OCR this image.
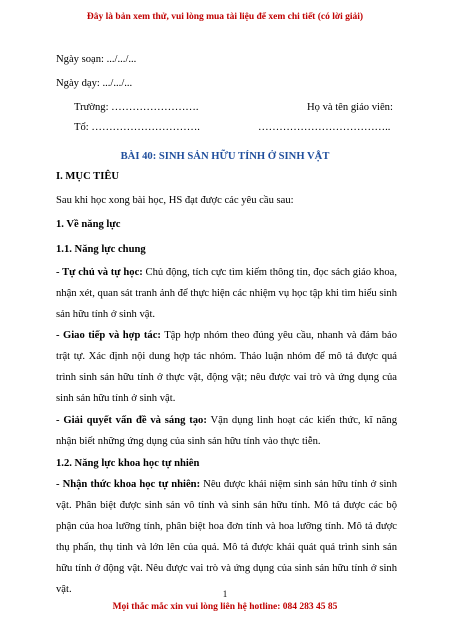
Đây là bản xem thử, vui lòng mua tài liệu để xem chi tiết (có lời giải)
Ngày soạn: .../.../...
Ngày dạy: .../.../...
Trường: …………………….	Họ và tên giáo viên:
Tổ: ………………………….	………………………………..
BÀI 40: SINH SẢN HỮU TÍNH Ở SINH VẬT
I. MỤC TIÊU
Sau khi học xong bài học, HS đạt được các yêu cầu sau:
1. Về năng lực
1.1. Năng lực chung
- Tự chủ và tự học: Chủ động, tích cực tìm kiếm thông tin, đọc sách giáo khoa, nhận xét, quan sát tranh ảnh để thực hiện các nhiệm vụ học tập khi tìm hiểu sinh sản hữu tính ở sinh vật.
- Giao tiếp và hợp tác: Tập hợp nhóm theo đúng yêu cầu, nhanh và đảm bảo trật tự. Xác định nội dung hợp tác nhóm. Thảo luận nhóm để mô tả được quá trình sinh sản hữu tính ở thực vật, động vật; nêu được vai trò và ứng dụng của sinh sản hữu tính ở sinh vật.
- Giải quyết vấn đề và sáng tạo: Vận dụng linh hoạt các kiến thức, kĩ năng nhận biết những ứng dụng của sinh sản hữu tính vào thực tiễn.
1.2. Năng lực khoa học tự nhiên
- Nhận thức khoa học tự nhiên: Nêu được khái niệm sinh sản hữu tính ở sinh vật. Phân biệt được sinh sản vô tính và sinh sản hữu tính. Mô tả được các bộ phận của hoa lưỡng tính, phân biệt hoa đơn tính và hoa lưỡng tính. Mô tả được thụ phấn, thụ tinh và lớn lên của quả. Mô tả được khái quát quá trình sinh sản hữu tính ở động vật. Nêu được vai trò và ứng dụng của sinh sản hữu tính ở sinh vật.	1
Mọi thắc mắc xin vui lòng liên hệ hotline: 084 283 45 85
